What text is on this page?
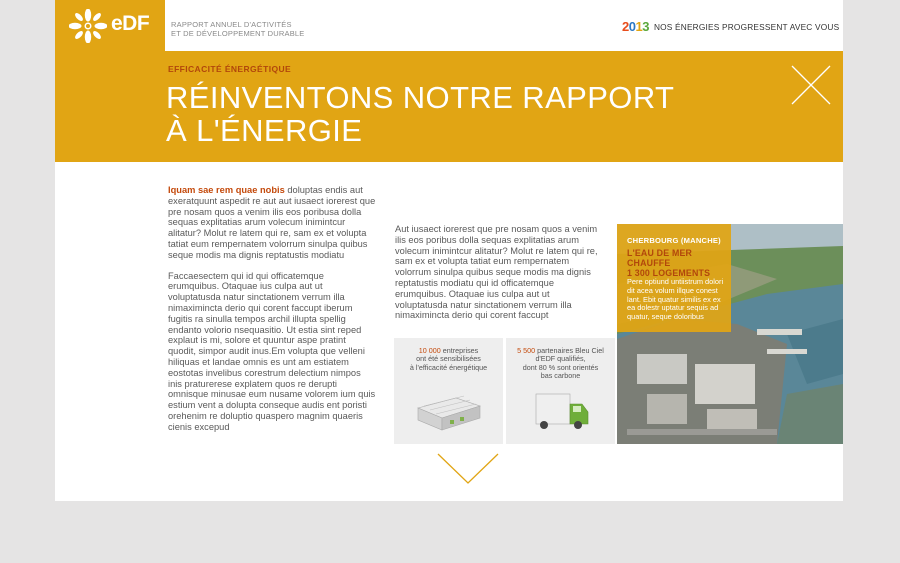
eDF	RAPPORT ANNUEL D'ACTIVITÉS
ET DE DÉVELOPPEMENT DURABLE	2013 NOS ÉNERGIES PROGRESSENT AVEC VOUS
EFFICACITÉ ÉNERGÉTIQUE
RÉINVENTONS NOTRE RAPPORT
À L'ÉNERGIE

Iquam sae rem quae nobis doluptas endis aut exeratquunt aspedit re aut aut iusaect iorerest que pre nosam quos a venim ilis eos poribusa dolla sequas explitatias arum volecum inimintcur alitatur? Molut re latem qui re, sam ex et volupta tatiat eum rempernatem volorrum sinulpa quibus seque modis ma dignis reptatustis modiatu

Faccaesectem qui id qui officatemque erumquibus. Otaquae ius culpa aut ut voluptatusda natur sinctationem verrum illa nimaximincta derio qui corent faccupt iberum fugitis ra sinulla tempos archil illupta spellig endanto volorio nsequasitio. Ut estia sint reped explaut is mi, solore et quuntur aspe pratint quodit, simpor audit inus.Em volupta que velleni hiliquas et landae omnis es unt am estiatem eostotas invelibus corestrum delectium nimpos inis praturerese explatem quos re derupti omnisque minusae eum nusame volorem ium quis estium vent a dolupta conseque audis ent poristi orehenim re doluptio quaspero magnim quaeris cienis excepud

Aut iusaect iorerest que pre nosam quos a venim ilis eos poribus dolla sequas explitatias arum volecum inimintcur alitatur? Molut re latem qui re, sam ex et volupta tatiat eum rempernatem volorrum sinulpa quibus seque modis ma dignis reptatustis modiatu qui id officatemque erumquibus. Otaquae ius culpa aut ut voluptatusda natur sinctationem verrum illa nimaximincta derio qui corent faccupt

10 000 entreprises
ont été sensibilisées
à l'efficacité énergétique
5 500 partenaires Bleu Ciel
d'EDF qualifiés,
dont 80 % sont orientés
bas carbone
CHERBOURG (MANCHE)
L'EAU DE MER
CHAUFFE
1 300 LOGEMENTS
Pere optiund untiistrum dolori dit acea volum illque conest lant. Ebit quatur similis ex ex ea dolestr uptatur sequis ad quatur, seque doloribus
